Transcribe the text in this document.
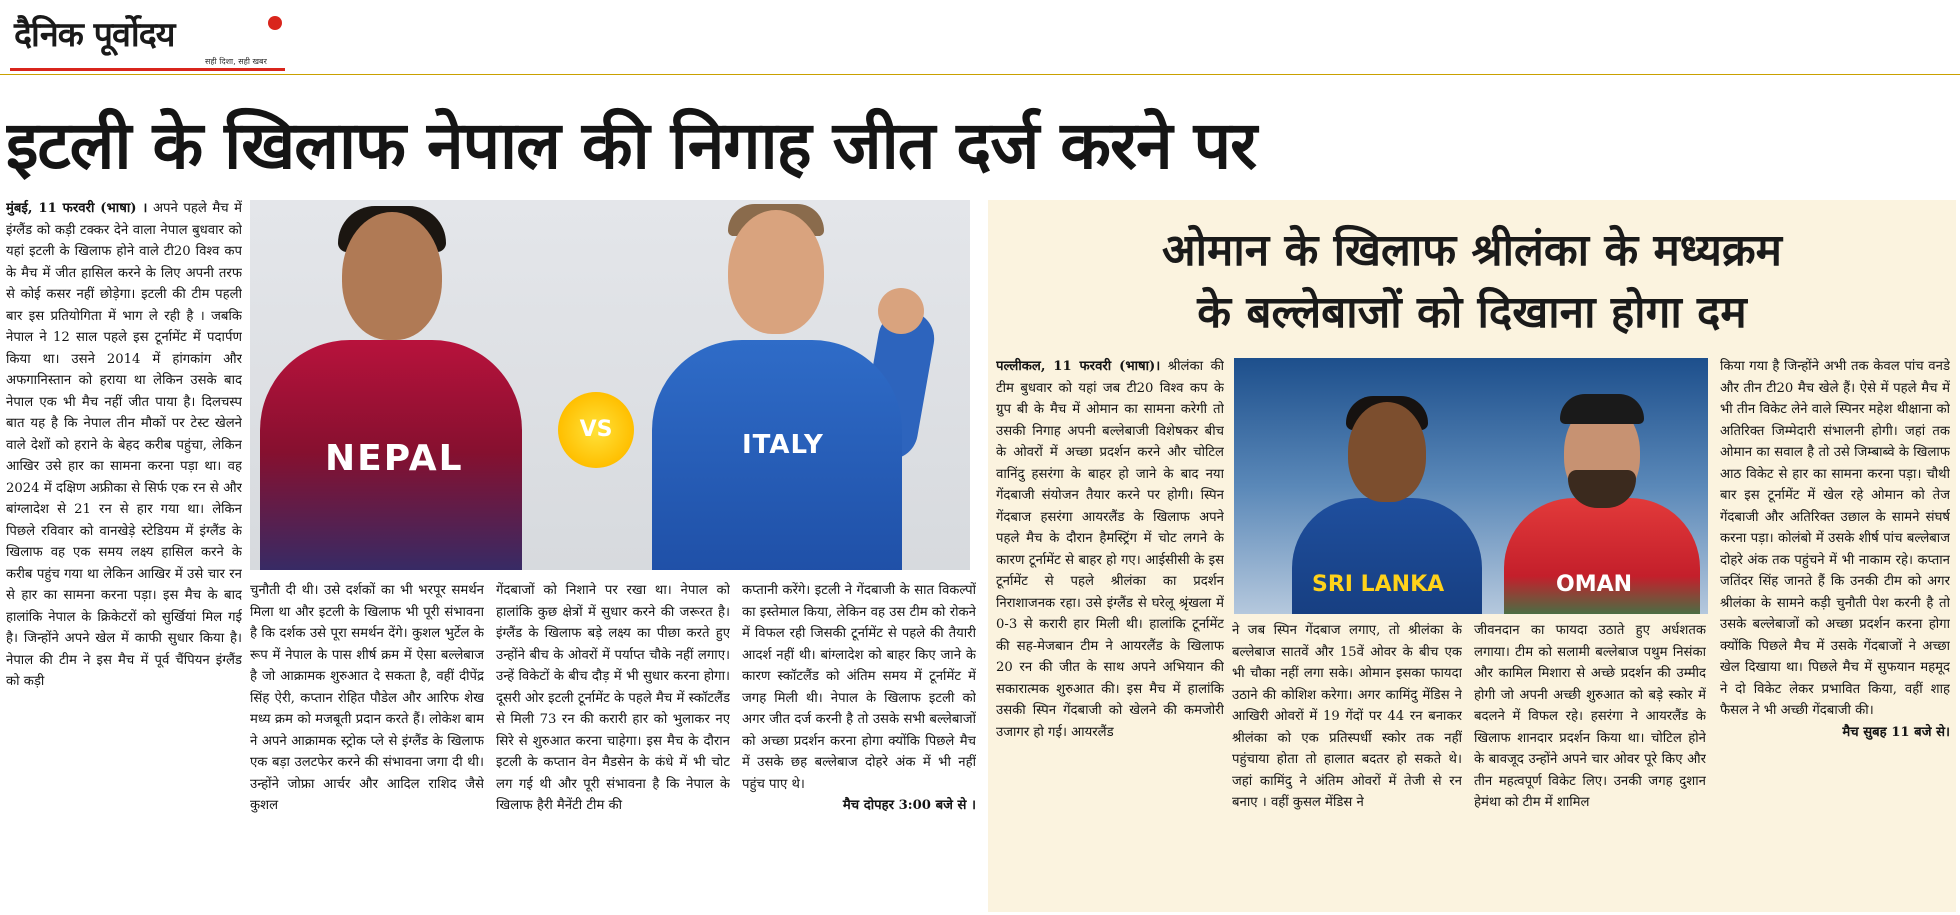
दैनिक पूर्वोदय
सही दिशा, सही खबर
इटली के खिलाफ नेपाल की निगाह जीत दर्ज करने पर

मुंबई, 11 फरवरी (भाषा) । अपने पहले मैच में इंग्लैंड को कड़ी टक्कर देने वाला नेपाल बुधवार को यहां इटली के खिलाफ होने वाले टी20 विश्व कप के मैच में जीत हासिल करने के लिए अपनी तरफ से कोई कसर नहीं छोड़ेगा। इटली की टीम पहली बार इस प्रतियोगिता में भाग ले रही है । जबकि नेपाल ने 12 साल पहले इस टूर्नामेंट में पदार्पण किया था। उसने 2014 में हांगकांग और अफगानिस्तान को हराया था लेकिन उसके बाद नेपाल एक भी मैच नहीं जीत पाया है। दिलचस्प बात यह है कि नेपाल तीन मौकों पर टेस्ट खेलने वाले देशों को हराने के बेहद करीब पहुंचा, लेकिन आखिर उसे हार का सामना करना पड़ा था। वह 2024 में दक्षिण अफ्रीका से सिर्फ एक रन से और बांग्लादेश से 21 रन से हार गया था। लेकिन पिछले रविवार को वानखेड़े स्टेडियम में इंग्लैंड के खिलाफ वह एक समय लक्ष्य हासिल करने के करीब पहुंच गया था लेकिन आखिर में उसे चार रन से हार का सामना करना पड़ा। इस मैच के बाद हालांकि नेपाल के क्रिकेटरों को सुर्खियां मिल गई है। जिन्होंने अपने खेल में काफी सुधार किया है। नेपाल की टीम ने इस मैच में पूर्व चैंपियन इंग्लैंड को कड़ी

NEPAL	ITALY
VS

चुनौती दी थी। उसे दर्शकों का भी भरपूर समर्थन मिला था और इटली के खिलाफ भी पूरी संभावना है कि दर्शक उसे पूरा समर्थन देंगे। कुशल भुर्टेल के रूप में नेपाल के पास शीर्ष क्रम में ऐसा बल्लेबाज है जो आक्रामक शुरुआत दे सकता है, वहीं दीपेंद्र सिंह ऐरी, कप्तान रोहित पौडेल और आरिफ शेख मध्य क्रम को मजबूती प्रदान करते हैं। लोकेश बाम ने अपने आक्रामक स्ट्रोक प्ले से इंग्लैंड के खिलाफ एक बड़ा उलटफेर करने की संभावना जगा दी थी। उन्होंने जोफ्रा आर्चर और आदिल राशिद जैसे कुशल

गेंदबाजों को निशाने पर रखा था। नेपाल को हालांकि कुछ क्षेत्रों में सुधार करने की जरूरत है। इंग्लैंड के खिलाफ बड़े लक्ष्य का पीछा करते हुए उन्होंने बीच के ओवरों में पर्याप्त चौके नहीं लगाए। उन्हें विकेटों के बीच दौड़ में भी सुधार करना होगा। दूसरी ओर इटली टूर्नामेंट के पहले मैच में स्कॉटलैंड से मिली 73 रन की करारी हार को भुलाकर नए सिरे से शुरुआत करना चाहेगा। इस मैच के दौरान इटली के कप्तान वेन मैडसेन के कंधे में भी चोट लग गई थी और पूरी संभावना है कि नेपाल के खिलाफ हैरी मैनेंटी टीम की

कप्तानी करेंगे। इटली ने गेंदबाजी के सात विकल्पों का इस्तेमाल किया, लेकिन वह उस टीम को रोकने में विफल रही जिसकी टूर्नामेंट से पहले की तैयारी आदर्श नहीं थी। बांग्लादेश को बाहर किए जाने के कारण स्कॉटलैंड को अंतिम समय में टूर्नामेंट में जगह मिली थी। नेपाल के खिलाफ इटली को अगर जीत दर्ज करनी है तो उसके सभी बल्लेबाजों को अच्छा प्रदर्शन करना होगा क्योंकि पिछले मैच में उसके छह बल्लेबाज दोहरे अंक में भी नहीं पहुंच पाए थे।

मैच दोपहर 3:00 बजे से ।

ओमान के खिलाफ श्रीलंका के मध्यक्रम
के बल्लेबाजों को दिखाना होगा दम

पल्लीकल, 11 फरवरी (भाषा)। श्रीलंका की टीम बुधवार को यहां जब टी20 विश्व कप के ग्रुप बी के मैच में ओमान का सामना करेगी तो उसकी निगाह अपनी बल्लेबाजी विशेषकर बीच के ओवरों में अच्छा प्रदर्शन करने और चोटिल वानिंदु हसरंगा के बाहर हो जाने के बाद नया गेंदबाजी संयोजन तैयार करने पर होगी। स्पिन गेंदबाज हसरंगा आयरलैंड के खिलाफ अपने पहले मैच के दौरान हैमस्ट्रिंग में चोट लगने के कारण टूर्नामेंट से बाहर हो गए। आईसीसी के इस टूर्नामेंट से पहले श्रीलंका का प्रदर्शन निराशाजनक रहा। उसे इंग्लैंड से घरेलू श्रृंखला में 0-3 से करारी हार मिली थी। हालांकि टूर्नामेंट की सह-मेजबान टीम ने आयरलैंड के खिलाफ 20 रन की जीत के साथ अपने अभियान की सकारात्मक शुरुआत की। इस मैच में हालांकि उसकी स्पिन गेंदबाजी को खेलने की कमजोरी उजागर हो गई। आयरलैंड

SRI LANKA	OMAN

ने जब स्पिन गेंदबाज लगाए, तो श्रीलंका के बल्लेबाज सातवें और 15वें ओवर के बीच एक भी चौका नहीं लगा सके। ओमान इसका फायदा उठाने की कोशिश करेगा। अगर कामिंदु मेंडिस ने आखिरी ओवरों में 19 गेंदों पर 44 रन बनाकर श्रीलंका को एक प्रतिस्पर्धी स्कोर तक नहीं पहुंचाया होता तो हालात बदतर हो सकते थे। जहां कामिंदु ने अंतिम ओवरों में तेजी से रन बनाए । वहीं कुसल मेंडिस ने

जीवनदान का फायदा उठाते हुए अर्धशतक लगाया। टीम को सलामी बल्लेबाज पथुम निसंका और कामिल मिशारा से अच्छे प्रदर्शन की उम्मीद होगी जो अपनी अच्छी शुरुआत को बड़े स्कोर में बदलने में विफल रहे। हसरंगा ने आयरलैंड के खिलाफ शानदार प्रदर्शन किया था। चोटिल होने के बावजूद उन्होंने अपने चार ओवर पूरे किए और तीन महत्वपूर्ण विकेट लिए। उनकी जगह दुशान हेमंथा को टीम में शामिल

किया गया है जिन्होंने अभी तक केवल पांच वनडे और तीन टी20 मैच खेले हैं। ऐसे में पहले मैच में भी तीन विकेट लेने वाले स्पिनर महेश थीक्षाना को अतिरिक्त जिम्मेदारी संभालनी होगी। जहां तक ओमान का सवाल है तो उसे जिम्बाब्वे के खिलाफ आठ विकेट से हार का सामना करना पड़ा। चौथी बार इस टूर्नामेंट में खेल रहे ओमान को तेज गेंदबाजी और अतिरिक्त उछाल के सामने संघर्ष करना पड़ा। कोलंबो में उसके शीर्ष पांच बल्लेबाज दोहरे अंक तक पहुंचने में भी नाकाम रहे। कप्तान जतिंदर सिंह जानते हैं कि उनकी टीम को अगर श्रीलंका के सामने कड़ी चुनौती पेश करनी है तो उसके बल्लेबाजों को अच्छा प्रदर्शन करना होगा क्योंकि पिछले मैच में उसके गेंदबाजों ने अच्छा खेल दिखाया था। पिछले मैच में सुफयान महमूद ने दो विकेट लेकर प्रभावित किया, वहीं शाह फैसल ने भी अच्छी गेंदबाजी की।

मैच सुबह 11 बजे से।
